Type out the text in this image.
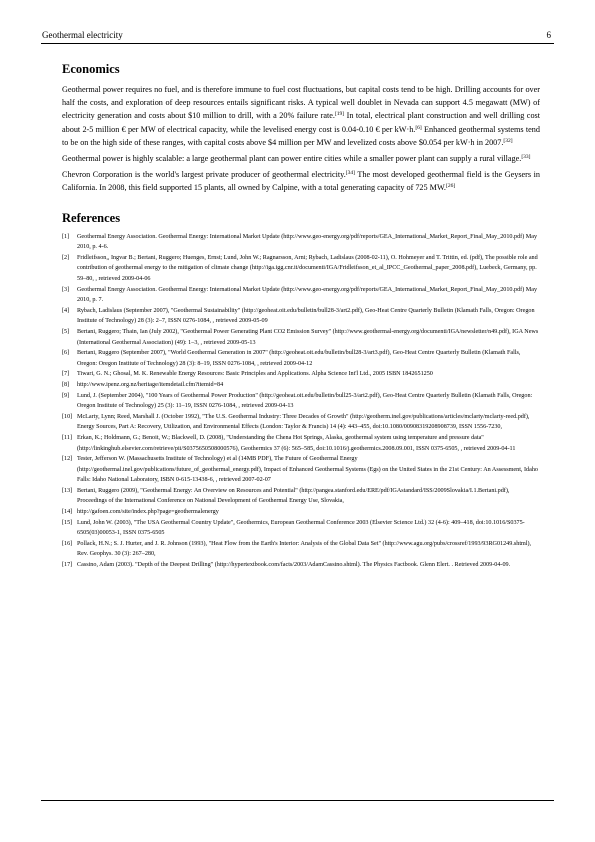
Geothermal electricity	6
Economics

Geothermal power requires no fuel, and is therefore immune to fuel cost fluctuations, but capital costs tend to be high. Drilling accounts for over half the costs, and exploration of deep resources entails significant risks. A typical well doublet in Nevada can support 4.5 megawatt (MW) of electricity generation and costs about $10 million to drill, with a 20% failure rate.[19] In total, electrical plant construction and well drilling cost about 2-5 million € per MW of electrical capacity, while the levelised energy cost is 0.04-0.10 € per kW·h.[6] Enhanced geothermal systems tend to be on the high side of these ranges, with capital costs above $4 million per MW and levelized costs above $0.054 per kW·h in 2007.[32]

Geothermal power is highly scalable: a large geothermal plant can power entire cities while a smaller power plant can supply a rural village.[33]

Chevron Corporation is the world's largest private producer of geothermal electricity.[34] The most developed geothermal field is the Geysers in California. In 2008, this field supported 15 plants, all owned by Calpine, with a total generating capacity of 725 MW.[26]

References
[1] Geothermal Energy Association. Geothermal Energy: International Market Update (http://www.geo-energy.org/pdf/reports/GEA_International_Market_Report_Final_May_2010.pdf) May 2010, p. 4-6.
[2] Fridleifsson,, Ingvar B.; Bertani, Ruggero; Huenges, Ernst; Lund, John W.; Ragnarsson, Arni; Rybach, Ladislaus (2008-02-11), O. Hohmeyer and T. Trittin, ed. (pdf), The possible role and contribution of geothermal energy to the mitigation of climate change (http://iga.igg.cnr.it/documenti/IGA/Fridleifsson_et_al_IPCC_Geothermal_paper_2008.pdf), Luebeck, Germany, pp. 59–80, , retrieved 2009-04-06
[3] Geothermal Energy Association. Geothermal Energy: International Market Update (http://www.geo-energy.org/pdf/reports/GEA_International_Market_Report_Final_May_2010.pdf) May 2010, p. 7.
[4] Rybach, Ladislaus (September 2007), "Geothermal Sustainability" (http://geoheat.oit.edu/bulletin/bull28-3/art2.pdf), Geo-Heat Centre Quarterly Bulletin (Klamath Falls, Oregon: Oregon Institute of Technology) 28 (3): 2–7, ISSN 0276-1084, , retrieved 2009-05-09
[5] Bertani, Ruggero; Thain, Ian (July 2002), "Geothermal Power Generating Plant CO2 Emission Survey" (http://www.geothermal-energy.org/documenti/IGA/newsletter/n49.pdf), IGA News (International Geothermal Association) (49): 1–3, , retrieved 2009-05-13
[6] Bertani, Ruggero (September 2007), "World Geothermal Generation in 2007" (http://geoheat.oit.edu/bulletin/bull28-3/art3.pdf), Geo-Heat Centre Quarterly Bulletin (Klamath Falls, Oregon: Oregon Institute of Technology) 28 (3): 8–19, ISSN 0276-1084, , retrieved 2009-04-12
[7] Tiwari, G. N.; Ghosal, M. K. Renewable Energy Resources: Basic Principles and Applications. Alpha Science Int'l Ltd., 2005 ISBN 1842651250
[8] http://www.ipenz.org.nz/heritage/itemdetail.cfm?itemid=84
[9] Lund, J. (September 2004), "100 Years of Geothermal Power Production" (http://geoheat.oit.edu/bulletin/bull25-3/art2.pdf), Geo-Heat Centre Quarterly Bulletin (Klamath Falls, Oregon: Oregon Institute of Technology) 25 (3): 11–19, ISSN 0276-1084, , retrieved 2009-04-13
[10] McLarty, Lynn; Reed, Marshall J. (October 1992), "The U.S. Geothermal Industry: Three Decades of Growth" (http://geotherm.inel.gov/publications/articles/mclarty/mclarty-reed.pdf), Energy Sources, Part A: Recovery, Utilization, and Environmental Effects (London: Taylor & Francis) 14 (4): 443–455, doi:10.1080/00908319208908739, ISSN 1556-7230,
[11] Erkan, K.; Holdmann, G.; Benoit, W.; Blackwell, D. (2008), "Understanding the Chena Hot Springs, Alaska, geothermal system using temperature and pressure data" (http://linkinghub.elsevier.com/retrieve/pii/S0375650508000576), Geothermics 37 (6): 565–585, doi:10.1016/j.geothermics.2008.09.001, ISSN 0375-6505, , retrieved 2009-04-11
[12] Tester, Jefferson W. (Massachusetts Institute of Technology) et al (14MB PDF), The Future of Geothermal Energy (http://geothermal.inel.gov/publications/future_of_geothermal_energy.pdf), Impact of Enhanced Geothermal Systems (Egs) on the United States in the 21st Century: An Assessment, Idaho Falls: Idaho National Laboratory, ISBN 0-615-13438-6, , retrieved 2007-02-07
[13] Bertani, Ruggero (2009), "Geothermal Energy: An Overview on Resources and Potential" (http://pangea.stanford.edu/ERE/pdf/IGAstandard/ISS/2009Slovakia/I.1.Bertani.pdf), Proceedings of the International Conference on National Development of Geothermal Energy Use, Slovakia,
[14] http://gafoen.com/site/index.php?page=geothermalenergy
[15] Lund, John W. (2003), "The USA Geothermal Country Update", Geothermics, European Geothermal Conference 2003 (Elsevier Science Ltd.) 32 (4-6): 409–418, doi:10.1016/S0375-6505(03)00053-1, ISSN 0375-6505
[16] Pollack, H.N.; S. J. Hurter, and J. R. Johnson (1993), "Heat Flow from the Earth's Interior: Analysis of the Global Data Set" (http://www.agu.org/pubs/crossref/1993/93RG01249.shtml), Rev. Geophys. 30 (3): 267–280,
[17] Cassino, Adam (2003). "Depth of the Deepest Drilling" (http://hypertextbook.com/facts/2003/AdamCassino.shtml). The Physics Factbook. Glenn Elert. . Retrieved 2009-04-09.
